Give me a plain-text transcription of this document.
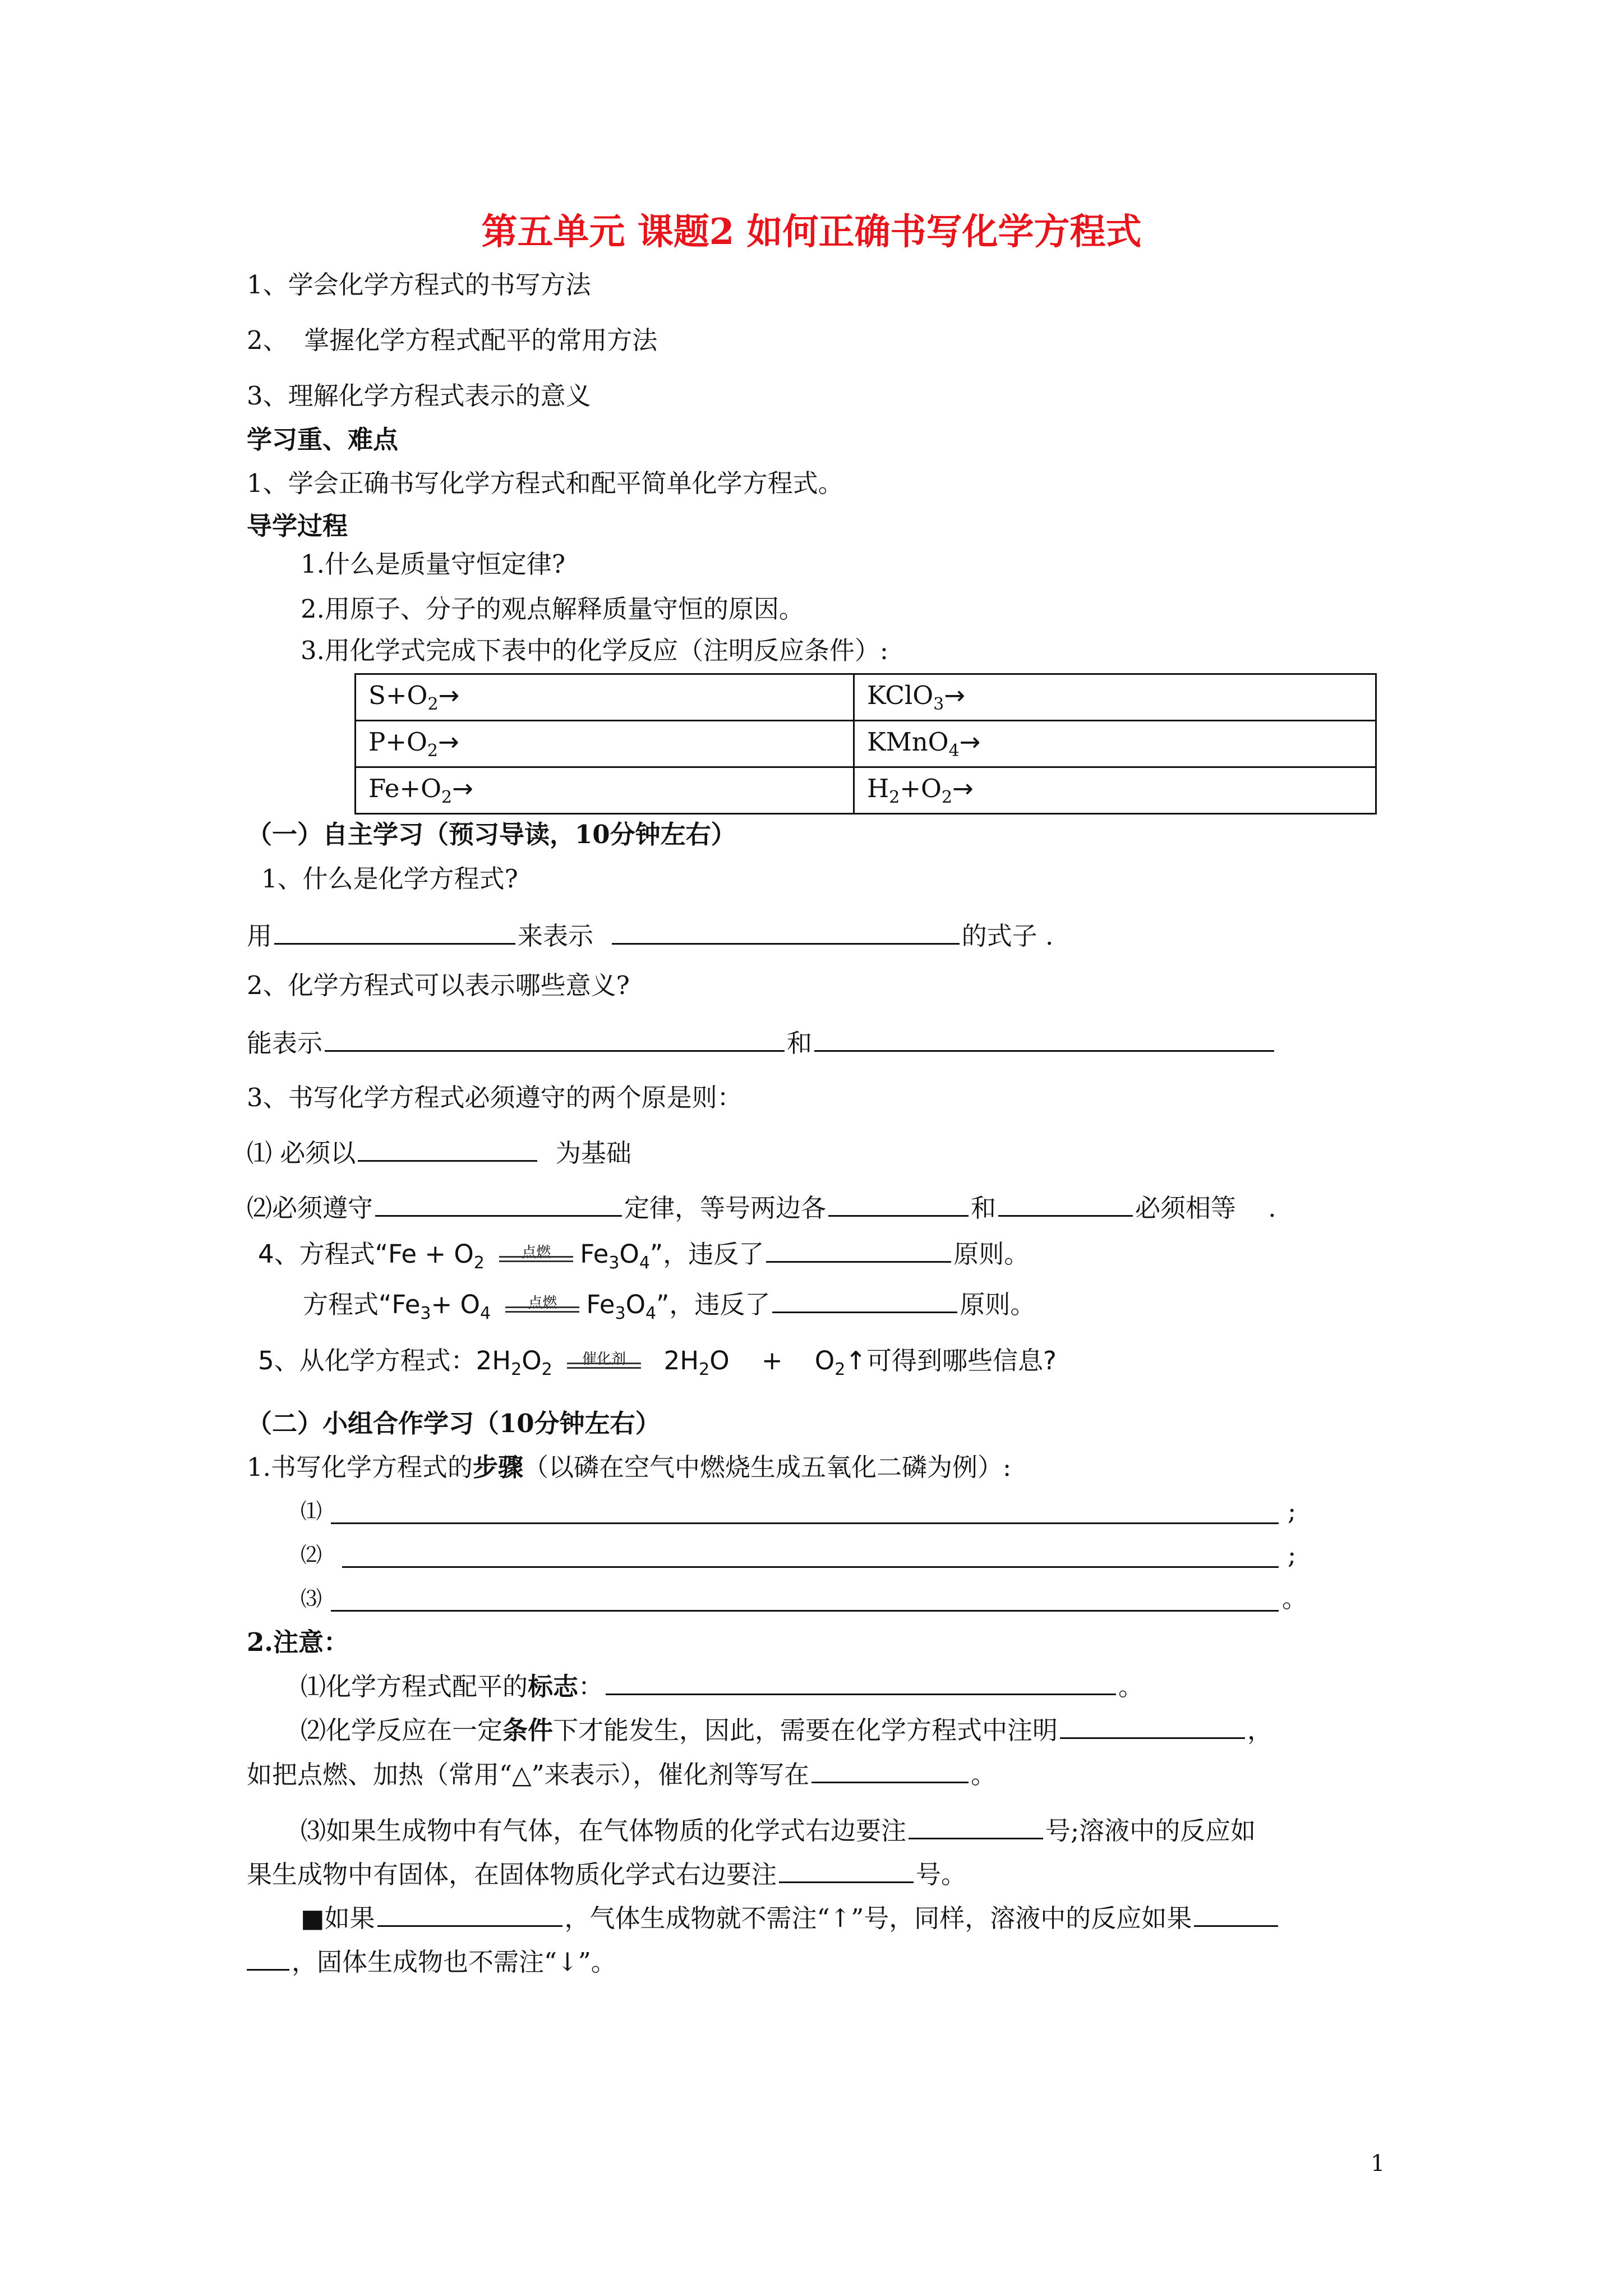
第五单元 课题2 如何正确书写化学方程式
1、学会化学方程式的书写方法
2、  掌握化学方程式配平的常用方法
3、理解化学方程式表示的意义
学习重、难点
1、学会正确书写化学方程式和配平简单化学方程式。
导学过程
1.什么是质量守恒定律?
2.用原子、分子的观点解释质量守恒的原因。
3.用化学式完成下表中的化学反应（注明反应条件）:
$S+O_2\to$	KClO$_3$→
$P+O_2\to$	KMnO$_4$→
$Fe+O_2\to$	$H_2+O_2\to$
（一）自主学习（预习导读，10分钟左右）
1、什么是化学方程式?
用	来表示	的式子 .
2、化学方程式可以表示哪些意义?
能表示	和
3、书写化学方程式必须遵守的两个原是则：
⑴ 必须以	为基础
⑵必须遵守	定律，等号两边各	和	必须相等    .
4、方程式“$Fe + O_2$
点燃	$Fe_3O_4$”，违反了	原则。
方程式“$Fe_3+ O_4$
点燃	$Fe_3O_4$”，违反了	原则。
5、从化学方程式：$2H_2O_2$
催化剂	$2H_2O$    +    $O_2↑$可得到哪些信息?
（二）小组合作学习（10分钟左右）
1.书写化学方程式的步骤（以磷在空气中燃烧生成五氧化二磷为例）:
⑴	;
⑵	;
⑶	。
2.注意：
⑴化学方程式配平的标志：	。
⑵化学反应在一定条件下才能发生，因此，需要在化学方程式中注明	，
如把点燃、加热（常用“△”来表示），催化剂等写在	。
⑶如果生成物中有气体，在气体物质的化学式右边要注	号;溶液中的反应如
果生成物中有固体，在固体物质化学式右边要注	号。
■如果	，气体生成物就不需注“↑”号，同样，溶液中的反应如果
，固体生成物也不需注“↓”。
1
